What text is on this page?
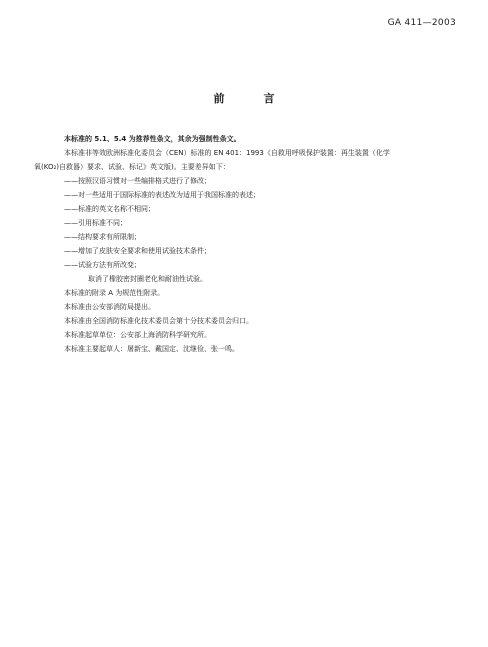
GA 411—2003
前　言
本标准的 5.1、5.4 为推荐性条文，其余为强制性条文。
本标准非等效欧洲标准化委员会（CEN）标准的 EN 401：1993《自救用呼吸保护装置：再生装置（化学
氧(KO₂)自救器）要求、试验、标记》英文版)。主要差异如下：
——按照汉语习惯对一些编排格式进行了修改；
——对一些适用于国际标准的表述改为适用于我国标准的表述；
——标准的英文名称不相同；
——引用标准不同；
——结构要求有所限制；
——增加了皮肤安全要求和使用试验技术条件；
——试验方法有所改变；
取消了橡胶密封圈老化和耐油性试验。
本标准的附录 A 为规范性附录。
本标准由公安部消防局提出。
本标准由全国消防标准化技术委员会第十分技术委员会归口。
本标准起草单位：公安部上海消防科学研究所。
本标准主要起草人：屠新宝、戴国定、沈继俭、张一鸣。
